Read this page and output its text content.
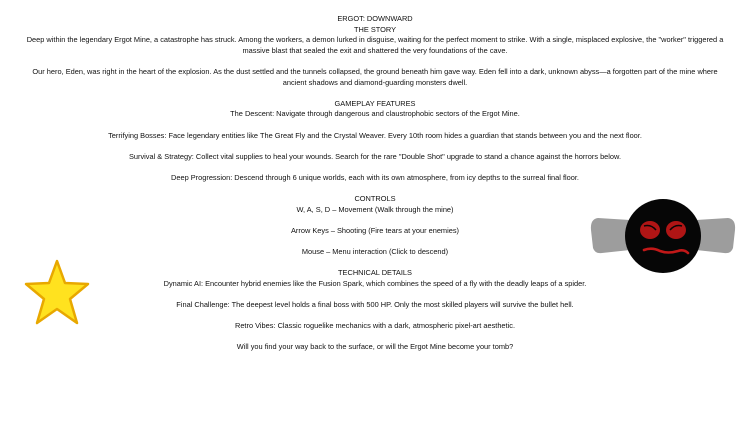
ERGOT: DOWNWARD

THE STORY

Deep within the legendary Ergot Mine, a catastrophe has struck. Among the workers, a demon lurked in disguise, waiting for the perfect moment to strike. With a single, misplaced explosive, the "worker" triggered a massive blast that sealed the exit and shattered the very foundations of the cave.

Our hero, Eden, was right in the heart of the explosion. As the dust settled and the tunnels collapsed, the ground beneath him gave way. Eden fell into a dark, unknown abyss—a forgotten part of the mine where ancient shadows and diamond-guarding monsters dwell.

GAMEPLAY FEATURES

The Descent: Navigate through dangerous and claustrophobic sectors of the Ergot Mine.

Terrifying Bosses: Face legendary entities like The Great Fly and the Crystal Weaver. Every 10th room hides a guardian that stands between you and the next floor.

Survival & Strategy: Collect vital supplies to heal your wounds. Search for the rare "Double Shot" upgrade to stand a chance against the horrors below.

Deep Progression: Descend through 6 unique worlds, each with its own atmosphere, from icy depths to the surreal final floor.

CONTROLS

W, A, S, D – Movement (Walk through the mine)

Arrow Keys – Shooting (Fire tears at your enemies)

Mouse – Menu interaction (Click to descend)

TECHNICAL DETAILS

Dynamic AI: Encounter hybrid enemies like the Fusion Spark, which combines the speed of a fly with the deadly leaps of a spider.

Final Challenge: The deepest level holds a final boss with 500 HP. Only the most skilled players will survive the bullet hell.

Retro Vibes: Classic roguelike mechanics with a dark, atmospheric pixel-art aesthetic.

Will you find your way back to the surface, or will the Ergot Mine become your tomb?
